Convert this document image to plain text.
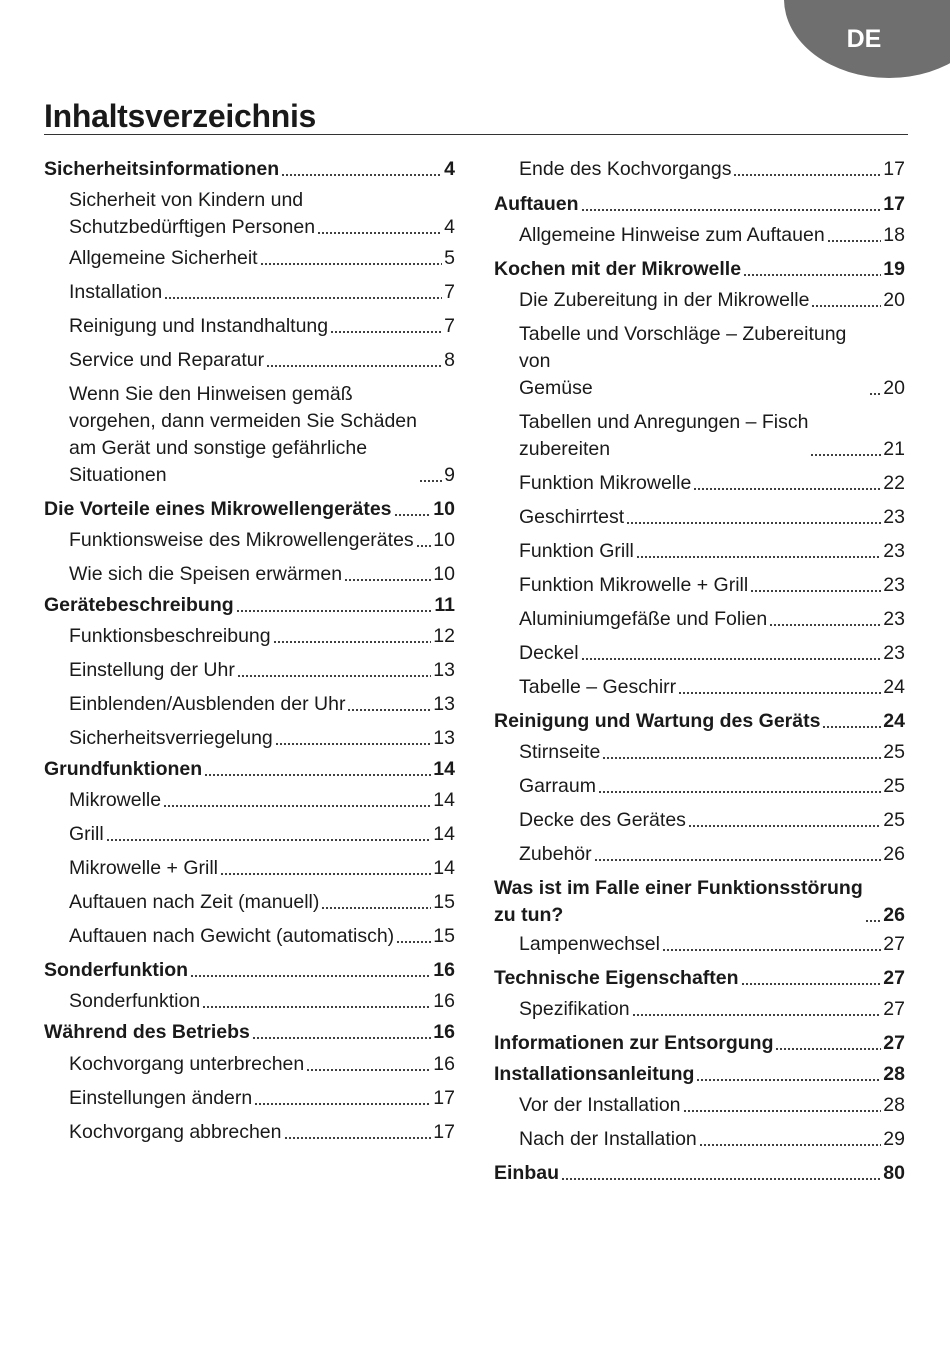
DE
Inhaltsverzeichnis
Sicherheitsinformationen	4
Sicherheit von Kindern und
Schutzbedürftigen Personen	4
Allgemeine Sicherheit	5
Installation	7
Reinigung und Instandhaltung	7
Service und Reparatur	8
Wenn Sie den Hinweisen gemäß
vorgehen, dann vermeiden Sie Schäden
am Gerät und sonstige gefährliche
Situationen	9
Die Vorteile eines Mikrowellengerätes 10
Funktionsweise des Mikrowellengerätes 10
Wie sich die Speisen erwärmen	10
Gerätebeschreibung	11
Funktionsbeschreibung	12
Einstellung der Uhr	13
Einblenden/Ausblenden der Uhr	13
Sicherheitsverriegelung	13
Grundfunktionen	14
Mikrowelle	14
Grill	14
Mikrowelle + Grill	14
Auftauen nach Zeit (manuell)	15
Auftauen nach Gewicht (automatisch) 15
Sonderfunktion	16
Sonderfunktion	16
Während des Betriebs	16
Kochvorgang unterbrechen	16
Einstellungen ändern	17
Kochvorgang abbrechen	17
Ende des Kochvorgangs	17
Auftauen	17
Allgemeine Hinweise zum Auftauen	18
Kochen mit der Mikrowelle	19
Die Zubereitung in der Mikrowelle	20
Tabelle und Vorschläge – Zubereitung von
Gemüse	20
Tabellen und Anregungen – Fisch
zubereiten	21
Funktion Mikrowelle	22
Geschirrtest	23
Funktion Grill	23
Funktion Mikrowelle + Grill	23
Aluminiumgefäße und Folien	23
Deckel	23
Tabelle – Geschirr	24
Reinigung und Wartung des Geräts	24
Stirnseite	25
Garraum	25
Decke des Gerätes	25
Zubehör	26
Was ist im Falle einer Funktionsstörung
zu tun?	26
Lampenwechsel	27
Technische Eigenschaften	27
Spezifikation	27
Informationen zur Entsorgung	27
Installationsanleitung	28
Vor der Installation	28
Nach der Installation	29
Einbau	80
